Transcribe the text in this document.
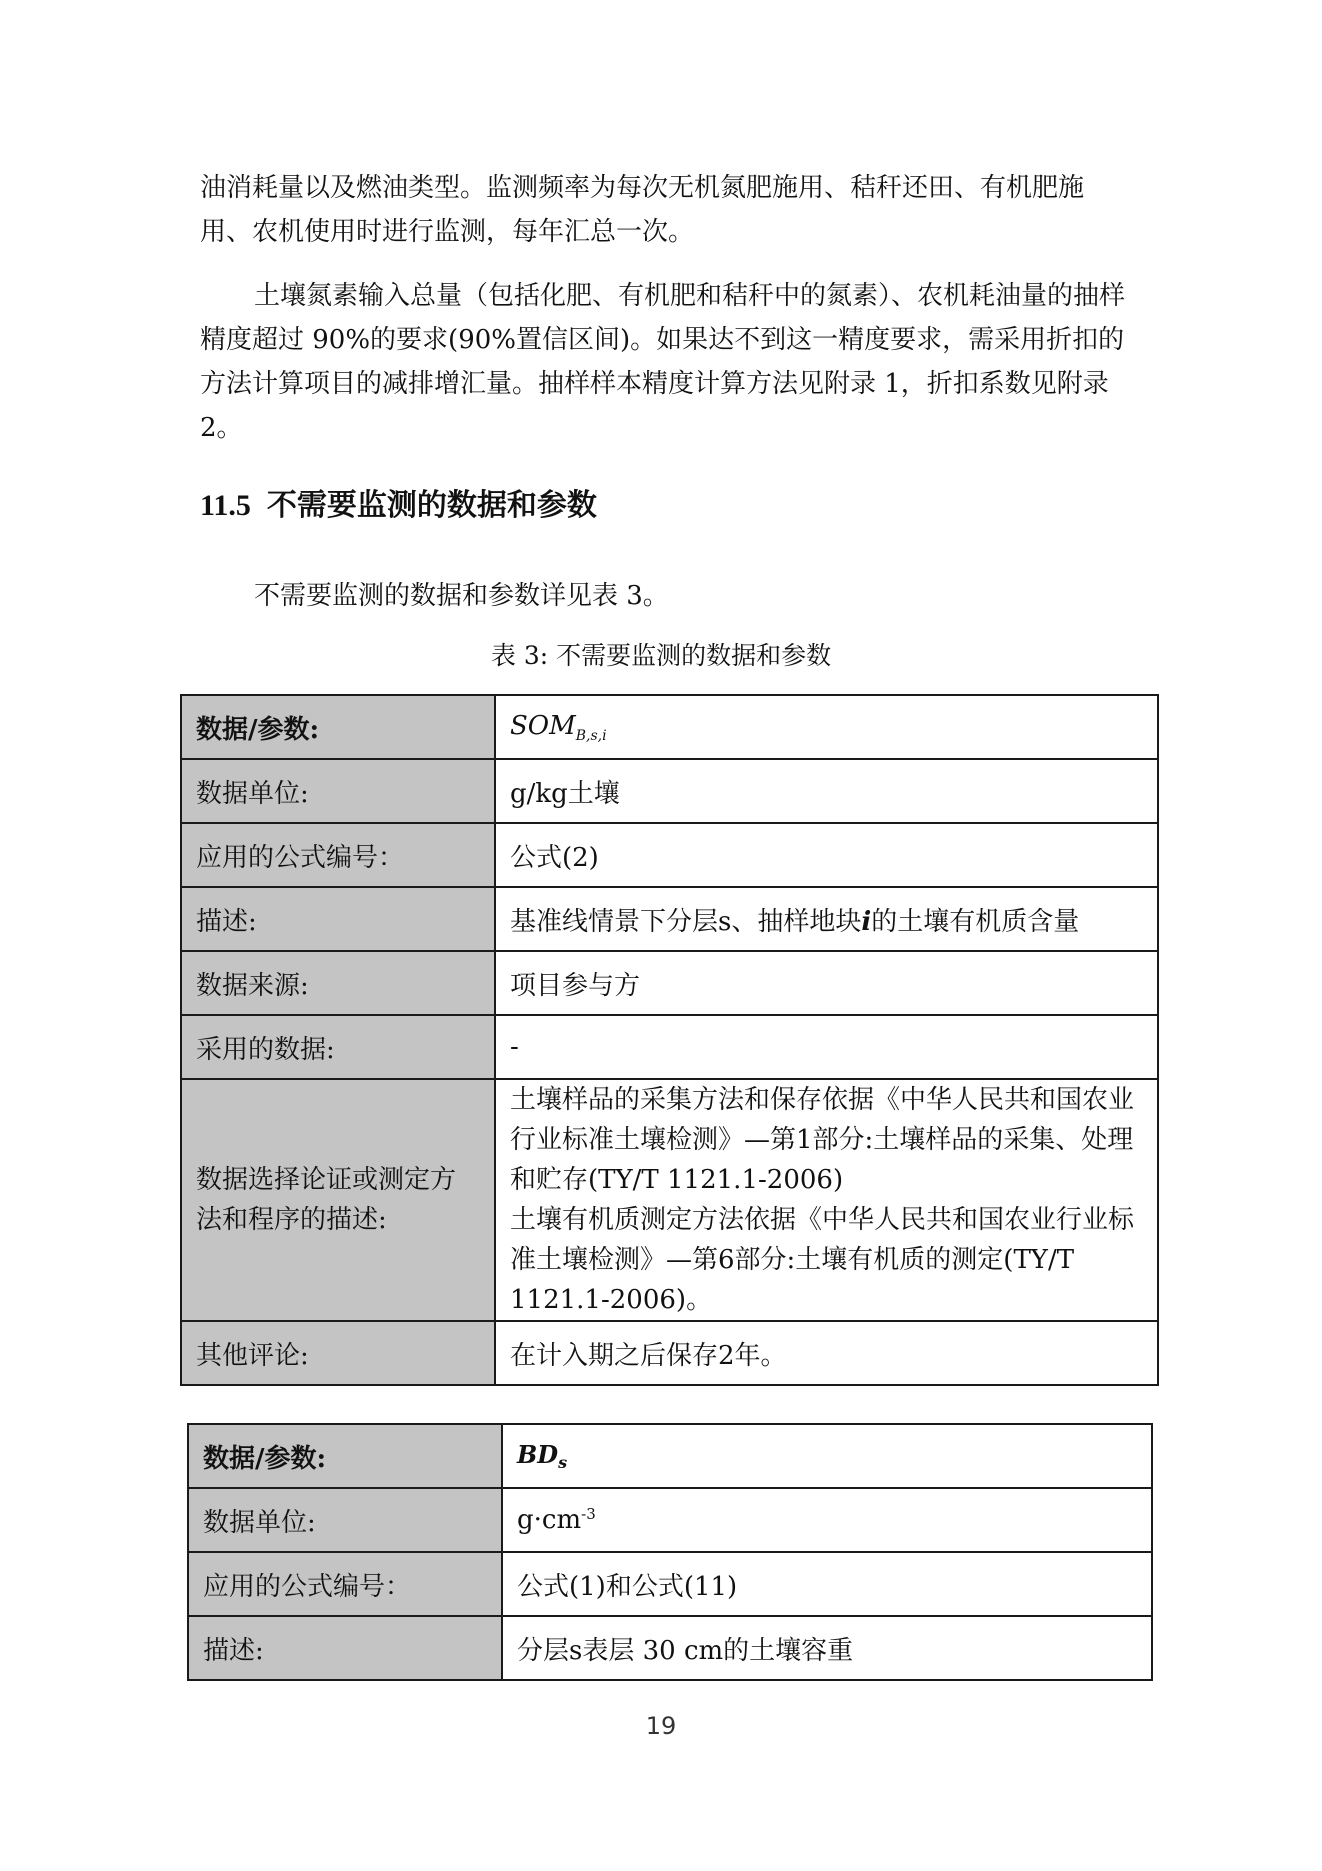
油消耗量以及燃油类型。监测频率为每次无机氮肥施用、秸秆还田、有机肥施用、农机使用时进行监测，每年汇总一次。

土壤氮素输入总量（包括化肥、有机肥和秸秆中的氮素）、农机耗油量的抽样精度超过 90%的要求(90%置信区间)。如果达不到这一精度要求，需采用折扣的方法计算项目的减排增汇量。抽样样本精度计算方法见附录 1，折扣系数见附录 2。

11.5 不需要监测的数据和参数

不需要监测的数据和参数详见表 3。

表 3: 不需要监测的数据和参数

数据/参数:	$SOM_{B,s,i}$
数据单位:	g/kg土壤
应用的公式编号：	公式(2)
描述:	基准线情景下分层s、抽样地块i的土壤有机质含量
数据来源:	项目参与方
采用的数据:	-
数据选择论证或测定方法和程序的描述:	土壤样品的采集方法和保存依据《中华人民共和国农业行业标准土壤检测》—第1部分:土壤样品的采集、处理和贮存(TY/T 1121.1-2006)
土壤有机质测定方法依据《中华人民共和国农业行业标准土壤检测》—第6部分:土壤有机质的测定(TY/T 1121.1-2006)。

其他评论:	在计入期之后保存2年。
数据/参数:	$BD_s$
数据单位:	$g\cdot cm^{-3}$
应用的公式编号：	公式(1)和公式(11)
描述:	分层s表层 30 cm的土壤容重
19
